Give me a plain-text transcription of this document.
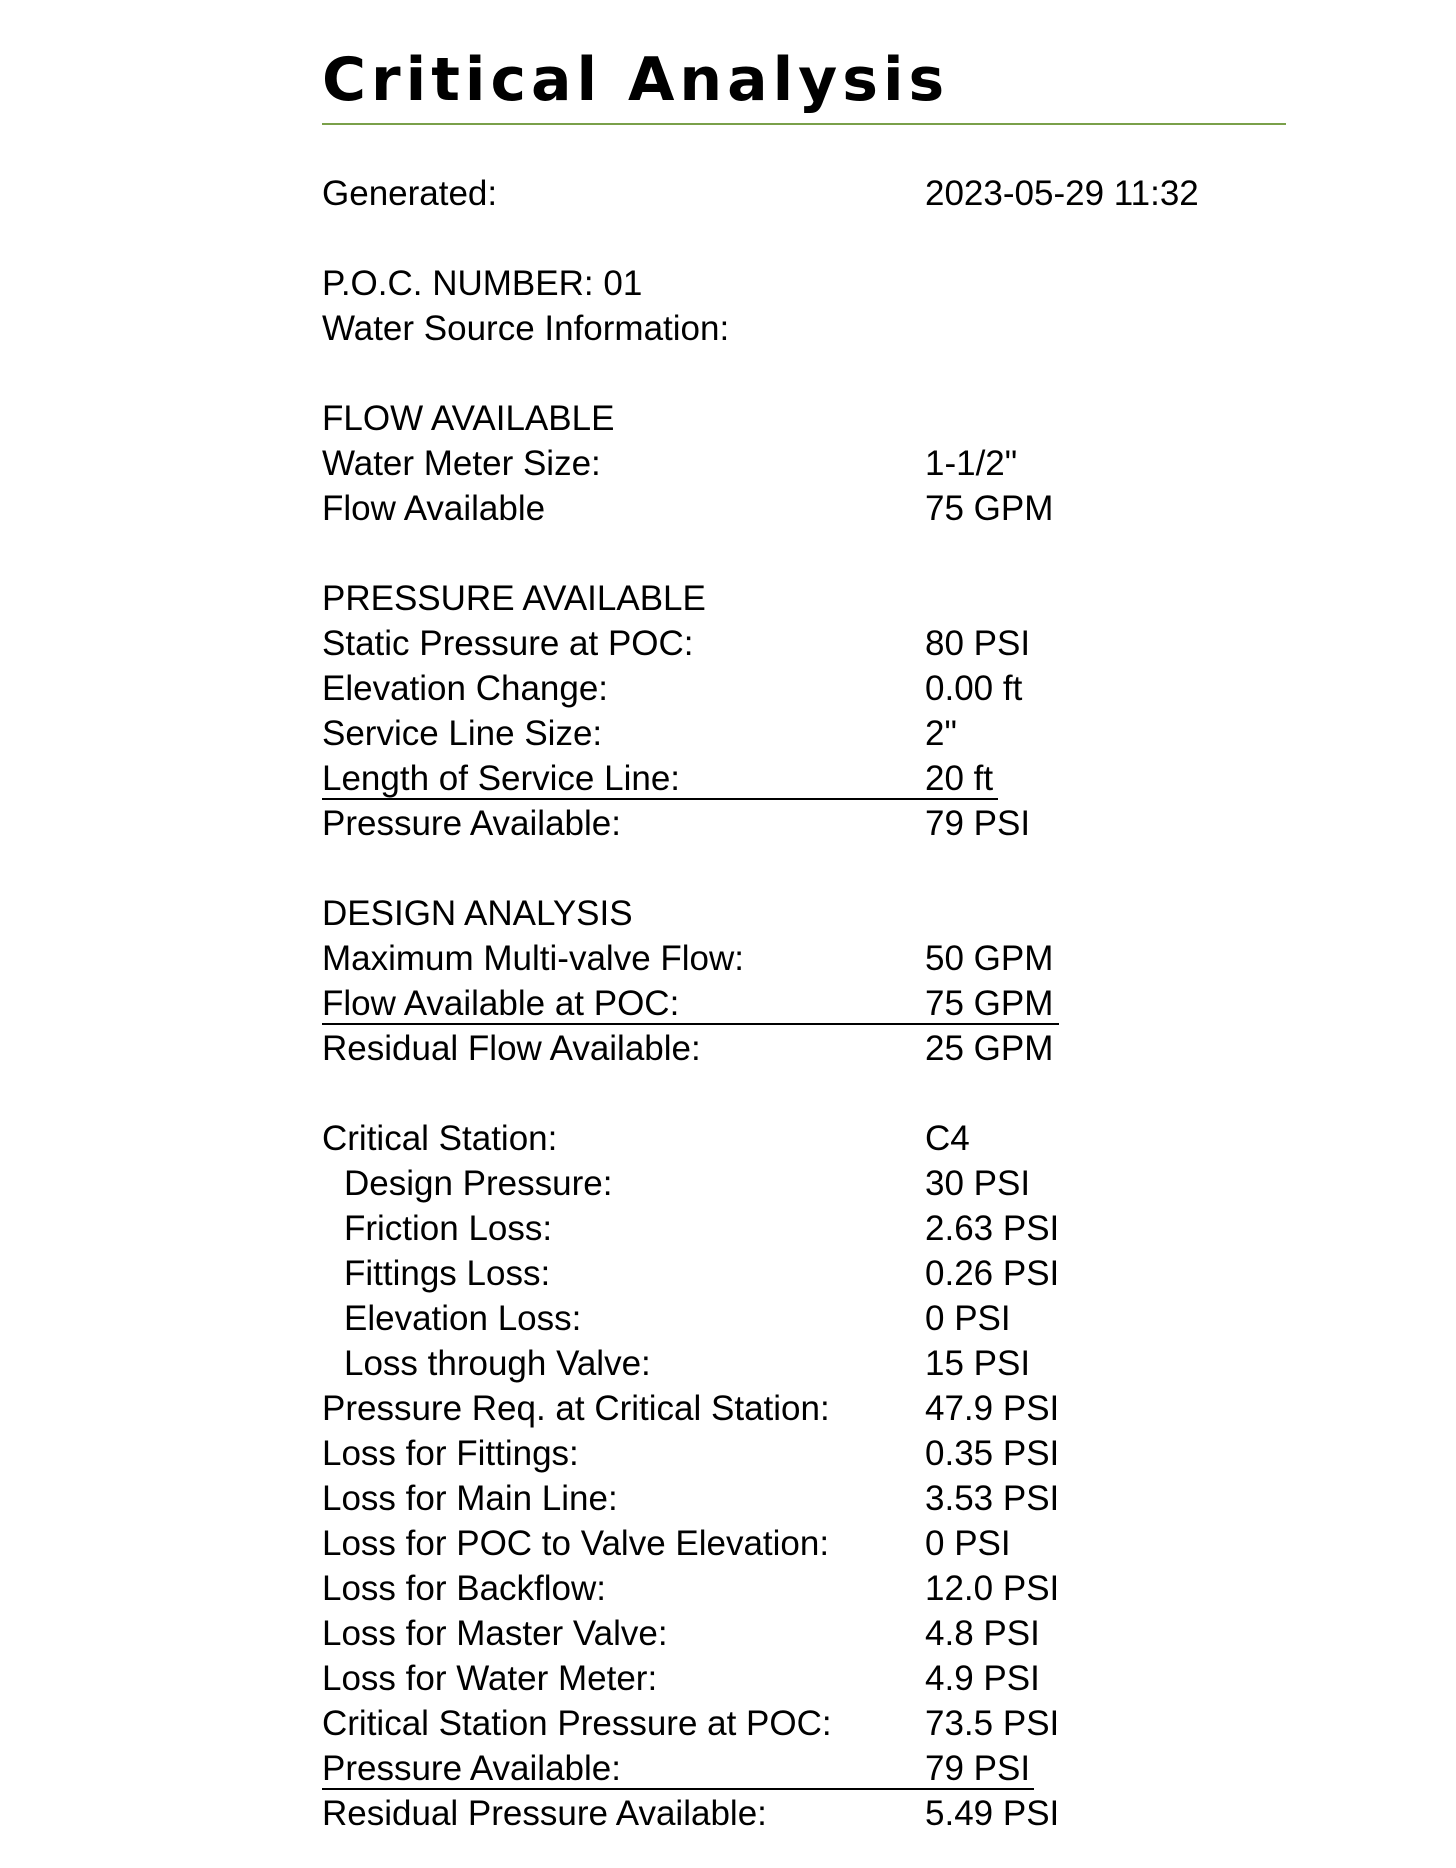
Critical Analysis
Generated:	2023-05-29 11:32
P.O.C. NUMBER: 01
Water Source Information:
FLOW AVAILABLE
Water Meter Size:	1-1/2"
Flow Available	75 GPM
PRESSURE AVAILABLE
Static Pressure at POC:	80 PSI
Elevation Change:	0.00 ft
Service Line Size:	2"
Length of Service Line:	20 ft
Pressure Available:	79 PSI
DESIGN ANALYSIS
Maximum Multi-valve Flow:	50 GPM
Flow Available at POC:	75 GPM
Residual Flow Available:	25 GPM
Critical Station:	C4
Design Pressure:	30 PSI
Friction Loss:	2.63 PSI
Fittings Loss:	0.26 PSI
Elevation Loss:	0 PSI
Loss through Valve:	15 PSI
Pressure Req. at Critical Station:	47.9 PSI
Loss for Fittings:	0.35 PSI
Loss for Main Line:	3.53 PSI
Loss for POC to Valve Elevation:	0 PSI
Loss for Backflow:	12.0 PSI
Loss for Master Valve:	4.8 PSI
Loss for Water Meter:	4.9 PSI
Critical Station Pressure at POC:	73.5 PSI
Pressure Available:	79 PSI
Residual Pressure Available:	5.49 PSI
